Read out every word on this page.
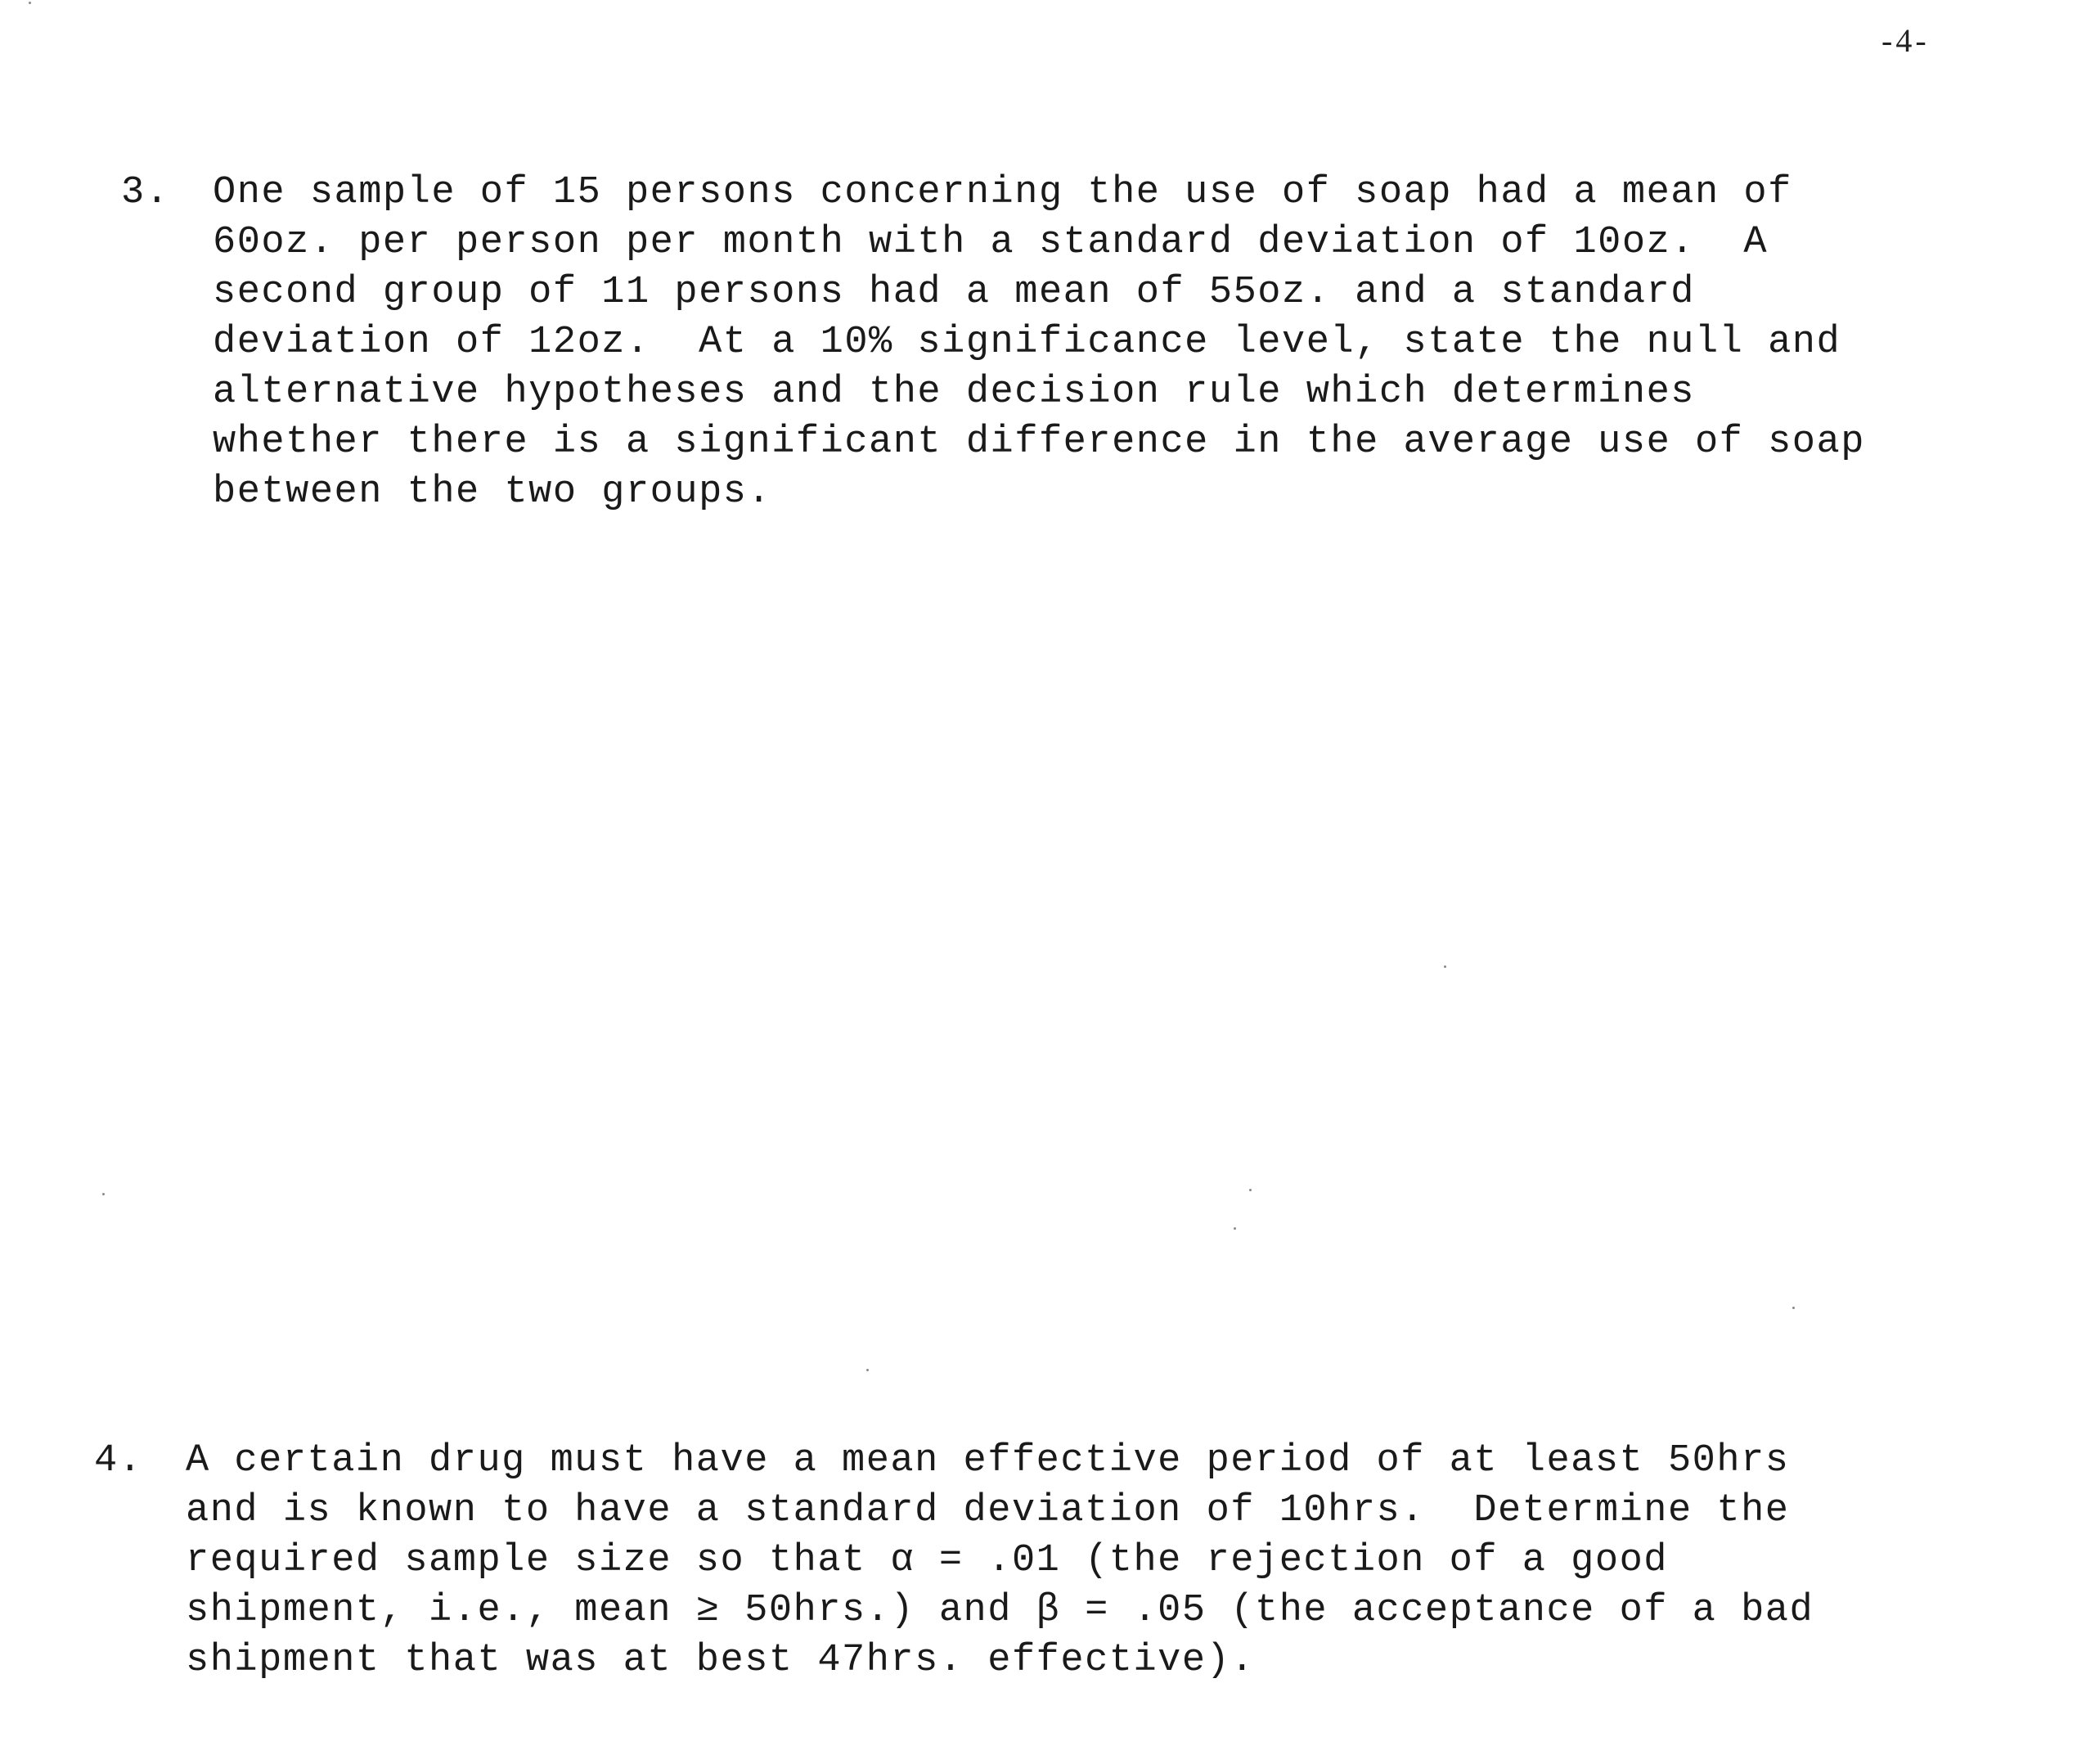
-4-
3. One sample of 15 persons concerning the use of soap had a mean of
60oz. per person per month with a standard deviation of 10oz.  A
second group of 11 persons had a mean of 55oz. and a standard
deviation of 12oz.  At a 10% significance level, state the null and
alternative hypotheses and the decision rule which determines
whether there is a significant difference in the average use of soap
between the two groups.
4. A certain drug must have a mean effective period of at least 50hrs
and is known to have a standard deviation of 10hrs.  Determine the
required sample size so that α = .01 (the rejection of a good
shipment, i.e., mean ≥ 50hrs.) and β = .05 (the acceptance of a bad
shipment that was at best 47hrs. effective).
